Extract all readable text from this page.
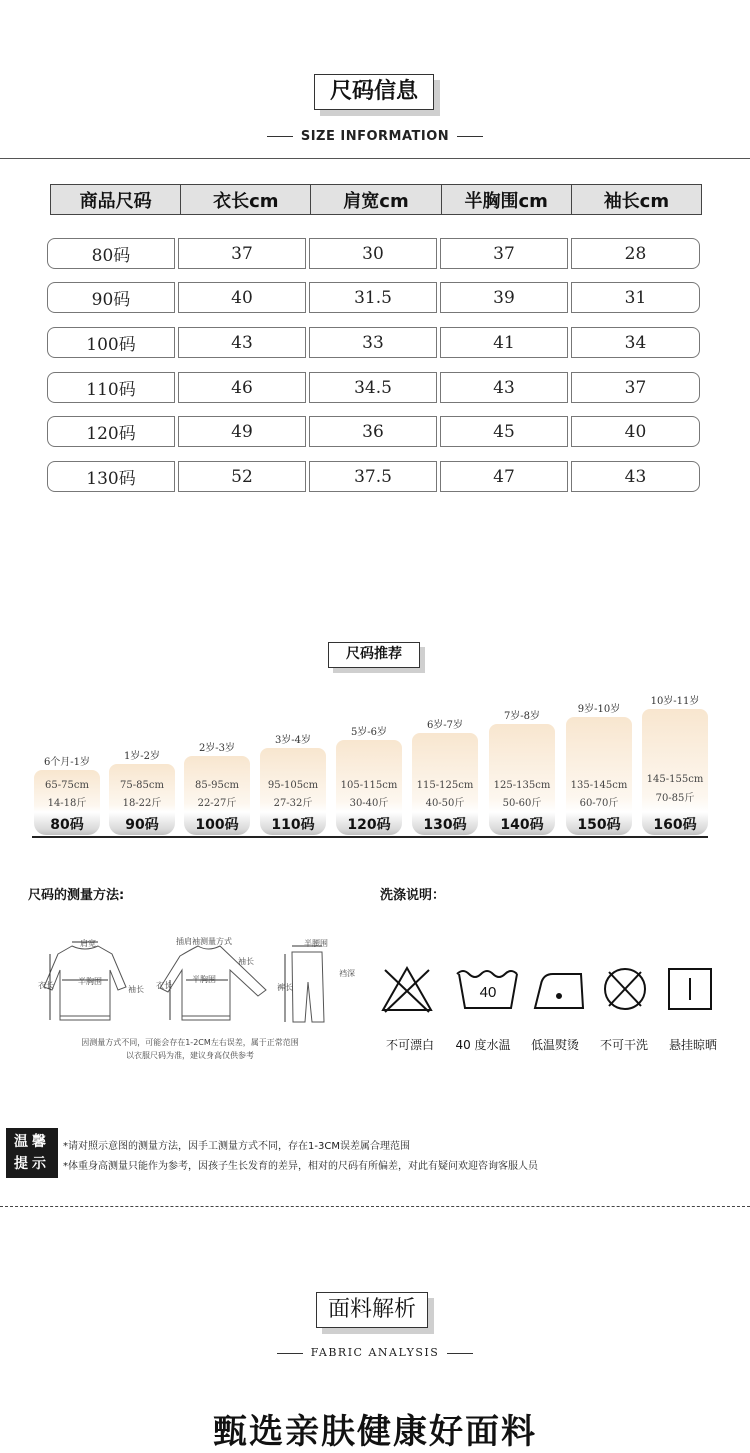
尺码信息
SIZE INFORMATION
商品尺码	衣长cm	肩宽cm	半胸围cm	袖长cm
80码	37	30	37	28
90码	40	31.5	39	31
100码	43	33	41	34
110码	46	34.5	43	37
120码	49	36	45	40
130码	52	37.5	47	43
尺码推荐
6个月-1岁
65-75cm
14-18斤
80码
1岁-2岁
75-85cm
18-22斤
90码
2岁-3岁
85-95cm
22-27斤
100码
3岁-4岁
95-105cm
27-32斤
110码
5岁-6岁
105-115cm
30-40斤
120码
6岁-7岁
115-125cm
40-50斤
130码
7岁-8岁
125-135cm
50-60斤
140码
9岁-10岁
135-145cm
60-70斤
150码
10岁-11岁
145-155cm
70-85斤
160码
尺码的测量方法:
肩宽
衣长	半胸围
袖长
插肩袖测量方式
衣长
半胸围
袖长
半腰围
裤长
裆深
因测量方式不同，可能会存在1-2CM左右误差，属于正常范围
以衣服尺码为准，建议身高仅供参考
洗涤说明：
40
不可漂白	40 度水温	低温熨烫	不可干洗	悬挂晾晒
温馨
提示
*请对照示意图的测量方法，因手工测量方式不同，存在1-3CM误差属合理范围
*体重身高测量只能作为参考，因孩子生长发育的差异，相对的尺码有所偏差，对此有疑问欢迎咨询客服人员
面料解析
FABRIC ANALYSIS
甄选亲肤健康好面料
